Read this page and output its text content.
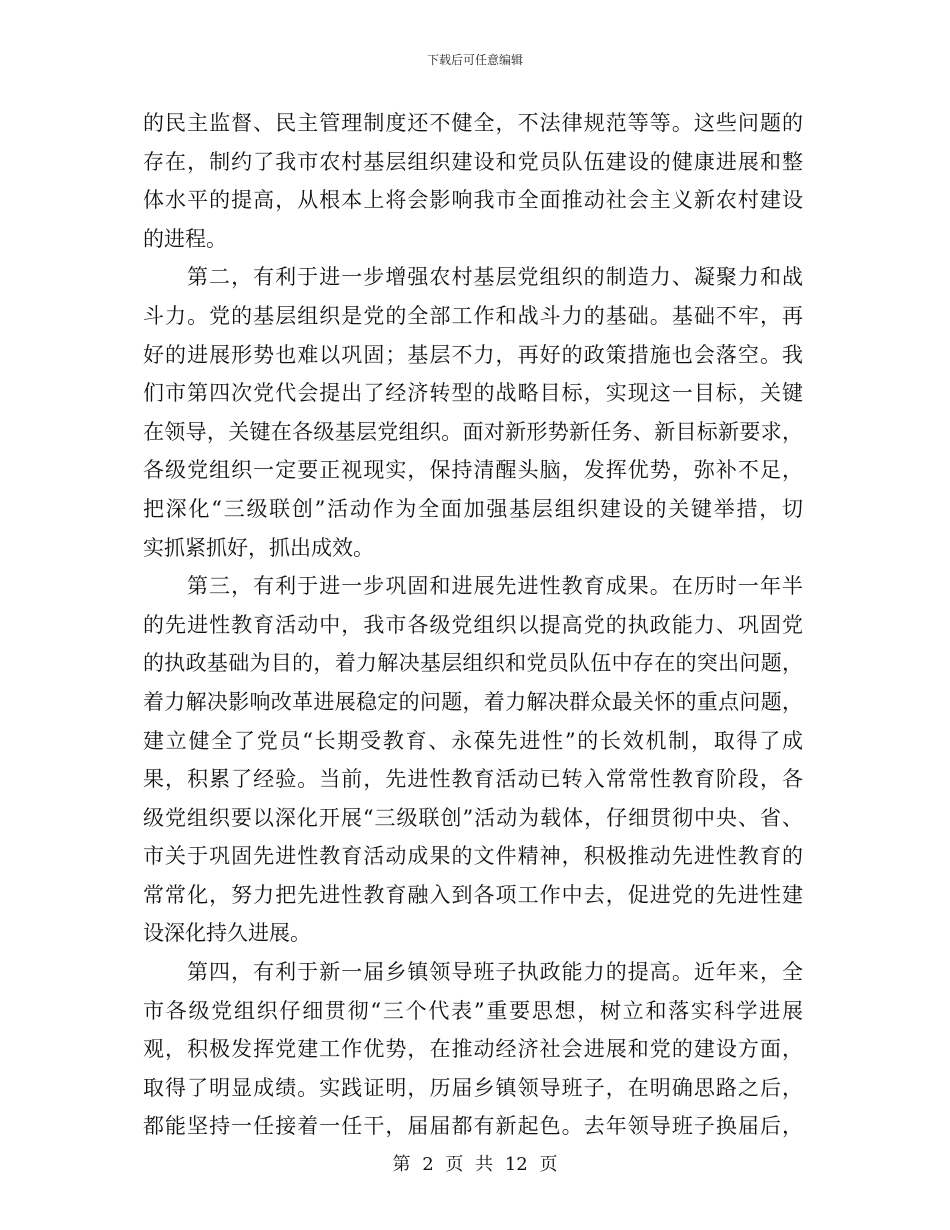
下载后可任意编辑
的民主监督、民主管理制度还不健全，不法律规范等等。这些问题的
存在，制约了我市农村基层组织建设和党员队伍建设的健康进展和整
体水平的提高，从根本上将会影响我市全面推动社会主义新农村建设
的进程。
第二，有利于进一步增强农村基层党组织的制造力、凝聚力和战
斗力。党的基层组织是党的全部工作和战斗力的基础。基础不牢，再
好的进展形势也难以巩固；基层不力，再好的政策措施也会落空。我
们市第四次党代会提出了经济转型的战略目标，实现这一目标，关键
在领导，关键在各级基层党组织。面对新形势新任务、新目标新要求，
各级党组织一定要正视现实，保持清醒头脑，发挥优势，弥补不足，
把深化“三级联创”活动作为全面加强基层组织建设的关键举措，切
实抓紧抓好，抓出成效。
第三，有利于进一步巩固和进展先进性教育成果。在历时一年半
的先进性教育活动中，我市各级党组织以提高党的执政能力、巩固党
的执政基础为目的，着力解决基层组织和党员队伍中存在的突出问题，
着力解决影响改革进展稳定的问题，着力解决群众最关怀的重点问题，
建立健全了党员“长期受教育、永葆先进性”的长效机制，取得了成
果，积累了经验。当前，先进性教育活动已转入常常性教育阶段，各
级党组织要以深化开展“三级联创”活动为载体，仔细贯彻中央、省、
市关于巩固先进性教育活动成果的文件精神，积极推动先进性教育的
常常化，努力把先进性教育融入到各项工作中去，促进党的先进性建
设深化持久进展。
第四，有利于新一届乡镇领导班子执政能力的提高。近年来，全
市各级党组织仔细贯彻“三个代表”重要思想，树立和落实科学进展
观，积极发挥党建工作优势，在推动经济社会进展和党的建设方面，
取得了明显成绩。实践证明，历届乡镇领导班子，在明确思路之后，
都能坚持一任接着一任干，届届都有新起色。去年领导班子换届后，
第 2 页 共 12 页
